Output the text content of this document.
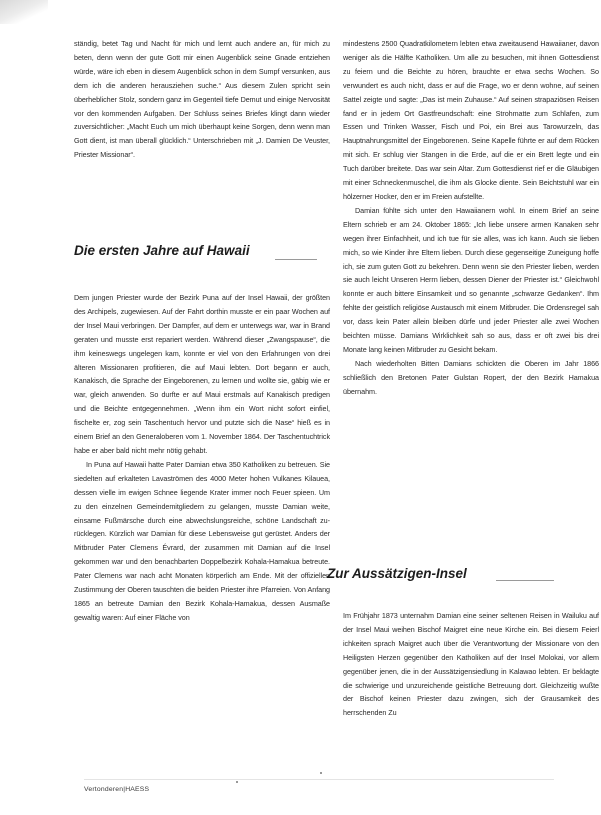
ständig, betet Tag und Nacht für mich und lernt auch andere an, für mich zu beten, denn wenn der gute Gott mir einen Augenblick seine Gnade entziehen würde, wäre ich eben in diesem Augenblick schon in dem Sumpf versunken, aus dem ich die anderen herausziehen suche.“ Aus diesem Zulen spricht sein überheblicher Stolz, sondern ganz im Gegenteil tiefe Demut und einige Nervosität vor den kommenden Aufgaben. Der Schluss seines Briefes klingt dann wieder zuversichtlicher: „Macht Euch um mich überhaupt keine Sorgen, denn wenn man Gott dient, ist man überall glücklich.“ Unterschrieben mit „J. Damien De Veuster, Priester Missionar“.

Die ersten Jahre auf Hawaii

Dem jungen Priester wurde der Bezirk Puna auf der Insel Hawaii, der größten des Archipels, zugewiesen. Auf der Fahrt dorthin musste er ein paar Wochen auf der Insel Maui verbringen. Der Dampfer, auf dem er unterwegs war, war in Brand geraten und musste erst repariert werden. Während dieser „Zwangspause“, die ihm keineswegs ungelegen kam, konnte er viel von den Erfahrungen von drei älteren Missionaren profitieren, die auf Maui lebten. Dort begann er auch, Kanakisch, die Sprache der Eingeborenen, zu lernen und wollte sie, gäbig wie er war, gleich anwenden. So durfte er auf Maui erstmals auf Kanakisch predigen und die Beichte entgegennehmen. „Wenn ihm ein Wort nicht sofort einfiel, fischelte er, zog sein Taschentuch hervor und putzte sich die Nase“ hieß es in einem Brief an den Generaloberen vom 1. November 1864. Der Taschentuchtrick habe er aber bald nicht mehr nötig gehabt.

In Puna auf Hawaii hatte Pater Damian etwa 350 Katholiken zu betreuen. Sie siedelten auf erkalteten Lavaströmen des 4000 Meter hohen Vulkanes Kilauea, dessen vielle im ewigen Schnee liegende Krater immer noch Feuer spieen. Um zu den einzelnen Gemeindemitgliedern zu gelangen, musste Damian weite, einsame Fußmärsche durch eine abwechslungsreiche, schöne Landschaft zurücklegen. Kürzlich war Damian für diese Lebensweise gut gerüstet. Anders der Mitbruder Pater Clemens Évrard, der zusammen mit Damian auf die Insel gekommen war und den benachbarten Doppelbezirk Kohala-Hamakua betreute. Pater Clemens war nach acht Monaten körperlich am Ende. Mit der offiziellen Zustimmung der Oberen tauschten die beiden Priester ihre Pfarreien. Von Anfang 1865 an betreute Damian den Bezirk Kohala-Hamakua, dessen Ausmaße gewaltig waren: Auf einer Fläche von

mindestens 2500 Quadratkilometern lebten etwa zweitausend Hawaiianer, davon weniger als die Hälfte Katholiken. Um alle zu besuchen, mit ihnen Gottesdienst zu feiern und die Beichte zu hören, brauchte er etwa sechs Wochen. So verwundert es auch nicht, dass er auf die Frage, wo er denn wohne, auf seinen Sattel zeigte und sagte: „Das ist mein Zuhause.“ Auf seinen strapaziösen Reisen fand er in jedem Ort Gastfreundschaft: eine Strohmatte zum Schlafen, zum Essen und Trinken Wasser, Fisch und Poi, ein Brei aus Tarowurzeln, das Hauptnahrungsmittel der Eingeborenen. Seine Kapelle führte er auf dem Rücken mit sich. Er schlug vier Stangen in die Erde, auf die er ein Brett legte und ein Tuch darüber breitete. Das war sein Altar. Zum Gottesdienst rief er die Gläubigen mit einer Schneckenmuschel, die ihm als Glocke diente. Sein Beichtstuhl war ein hölzerner Hocker, den er im Freien aufstellte.

Damian fühlte sich unter den Hawaiianern wohl. In einem Brief an seine Eltern schrieb er am 24. Oktober 1865: „Ich liebe unsere armen Kanaken sehr wegen ihrer Einfachheit, und ich tue für sie alles, was ich kann. Auch sie lieben mich, so wie Kinder ihre Eltern lieben. Durch diese gegenseitige Zuneigung hoffe ich, sie zum guten Gott zu bekehren. Denn wenn sie den Priester lieben, werden sie auch leicht Unseren Herrn lieben, dessen Diener der Priester ist.“ Gleichwohl konnte er auch bittere Einsamkeit und so genannte „schwarze Gedanken“. Ihm fehlte der geistlich religiöse Austausch mit einem Mitbruder. Die Ordensregel sah vor, dass kein Pater allein bleiben dürfe und jeder Priester alle zwei Wochen beichten müsse. Damians Wirklichkeit sah so aus, dass er oft zwei bis drei Monate lang keinen Mitbruder zu Gesicht bekam.

Nach wiederholten Bitten Damians schickten die Oberen im Jahr 1866 schließlich den Bretonen Pater Gulstan Ropert, der den Bezirk Hamakua übernahm.

Zur Aussätzigen-Insel

Im Frühjahr 1873 unternahm Damian eine seiner seltenen Reisen in Wailuku auf der Insel Maui weihen Bischof Maigret eine neue Kirche ein. Bei diesem Feierl ichkeiten sprach Maigret auch über die Verantwortung der Missionare von den Heiligsten Herzen gegenüber den Katholiken auf der Insel Molokai, vor allem gegenüber jenen, die in der Aussätzigensiedlung in Kalawao lebten. Er beklagte die schwierige und unzureichende geistliche Betreuung dort. Gleichzeitig wußte der Bischof keinen Priester dazu zwingen, sich der Grausamkeit des herrschenden Zu

Vertonderen|HAESS
